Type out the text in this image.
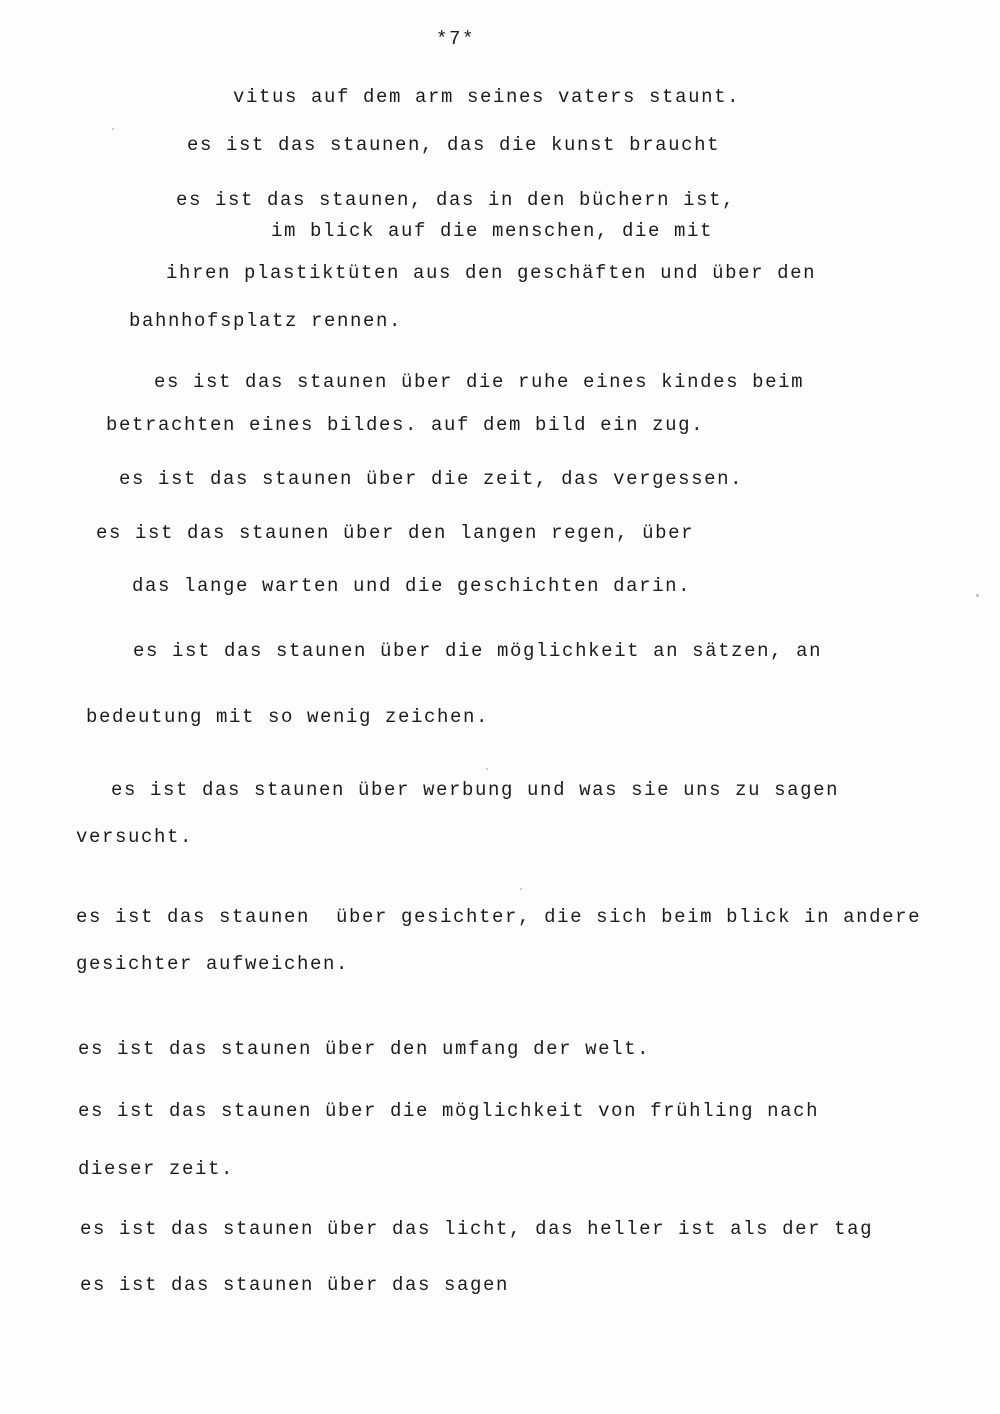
*7*
vitus auf dem arm seines vaters staunt.
es ist das staunen, das die kunst braucht
es ist das staunen, das in den büchern ist,
im blick auf die menschen, die mit
ihren plastiktüten aus den geschäften und über den
bahnhofsplatz rennen.
es ist das staunen über die ruhe eines kindes beim
betrachten eines bildes. auf dem bild ein zug.
es ist das staunen über die zeit, das vergessen.
es ist das staunen über den langen regen, über
das lange warten und die geschichten darin.
es ist das staunen über die möglichkeit an sätzen, an
bedeutung mit so wenig zeichen.
es ist das staunen über werbung und was sie uns zu sagen
versucht.
es ist das staunen  über gesichter, die sich beim blick in andere
gesichter aufweichen.
es ist das staunen über den umfang der welt.
es ist das staunen über die möglichkeit von frühling nach
dieser zeit.
es ist das staunen über das licht, das heller ist als der tag
es ist das staunen über das sagen
